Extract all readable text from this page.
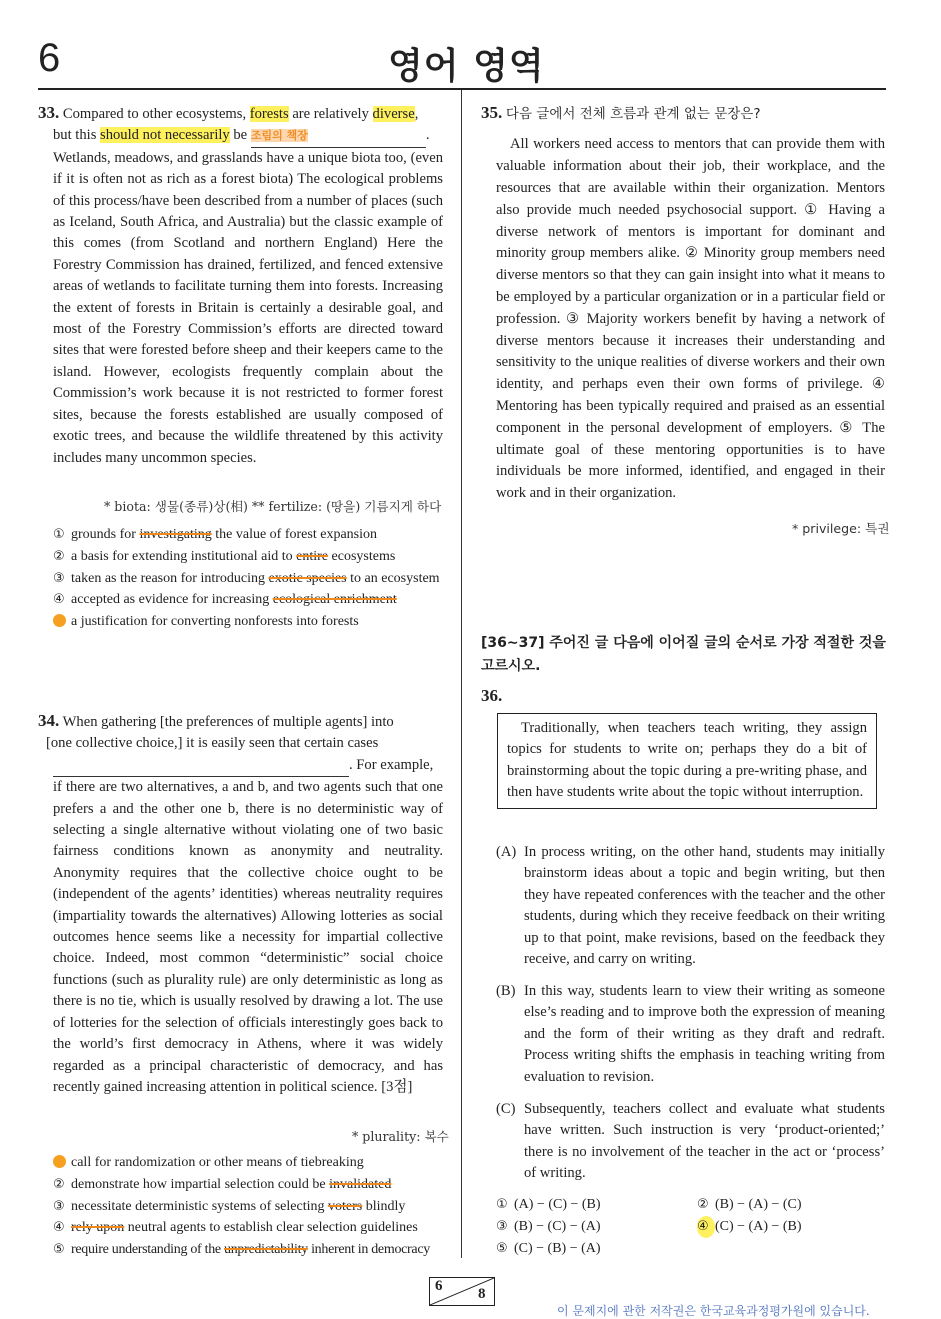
6	영어 영역
33. Compared to other ecosystems, forests are relatively diverse,
but this should not necessarily be 조림의 책장	.
Wetlands, meadows, and grasslands have a unique biota too, (even if it is often not as rich as a forest biota) The ecological problems of this process/have been described from a number of places (such as Iceland, South Africa, and Australia) but the classic example of this comes (from Scotland and northern England) Here the Forestry Commission has drained, fertilized, and fenced extensive areas of wetlands to facilitate turning them into forests. Increasing the extent of forests in Britain is certainly a desirable goal, and most of the Forestry Commission’s efforts are directed toward sites that were forested before sheep and their keepers came to the island. However, ecologists frequently complain about the Commission’s work because it is not restricted to former forest sites, because the forests established are usually composed of exotic trees, and because the wildlife threatened by this activity includes many uncommon species.
* biota: 생물(종류)상(相) ** fertilize: (땅을) 기름지게 하다
① grounds for investigating the value of forest expansion
② a basis for extending institutional aid to entire ecosystems
③ taken as the reason for introducing exotic species to an ecosystem
④ accepted as evidence for increasing ecological enrichment
a justification for converting nonforests into forests
34. When gathering [the preferences of multiple agents] into
[one collective choice,] it is easily seen that certain cases
. For example,
if there are two alternatives, a and b, and two agents such that one prefers a and the other one b, there is no deterministic way of selecting a single alternative without violating one of two basic fairness conditions known as anonymity and neutrality. Anonymity requires that the collective choice ought to be (independent of the agents’ identities) whereas neutrality requires (impartiality towards the alternatives) Allowing lotteries as social outcomes hence seems like a necessity for impartial collective choice. Indeed, most common “deterministic” social choice functions (such as plurality rule) are only deterministic as long as there is no tie, which is usually resolved by drawing a lot. The use of lotteries for the selection of officials interestingly goes back to the world’s first democracy in Athens, where it was widely regarded as a principal characteristic of democracy, and has recently gained increasing attention in political science. [3점]
* plurality: 복수
call for randomization or other means of tiebreaking
② demonstrate how impartial selection could be invalidated
③ necessitate deterministic systems of selecting voters blindly
④ rely upon neutral agents to establish clear selection guidelines
⑤ require understanding of the unpredictability inherent in democracy
35. 다음 글에서 전체 흐름과 관계 없는 문장은?
All workers need access to mentors that can provide them with valuable information about their job, their workplace, and the resources that are available within their organization. Mentors also provide much needed psychosocial support. ① Having a diverse network of mentors is important for dominant and minority group members alike. ② Minority group members need diverse mentors so that they can gain insight into what it means to be employed by a particular organization or in a particular field or profession. ③ Majority workers benefit by having a network of diverse mentors because it increases their understanding and sensitivity to the unique realities of diverse workers and their own identity, and perhaps even their own forms of privilege. ④ Mentoring has been typically required and praised as an essential component in the personal development of employers. ⑤ The ultimate goal of these mentoring opportunities is to have individuals be more informed, identified, and engaged in their work and in their organization.
* privilege: 특권
[36∼37] 주어진 글 다음에 이어질 글의 순서로 가장 적절한 것을 고르시오.
36.
Traditionally, when teachers teach writing, they assign topics for students to write on; perhaps they do a bit of brainstorming about the topic during a pre-writing phase, and then have students write about the topic without interruption.
(A) In process writing, on the other hand, students may initially brainstorm ideas about a topic and begin writing, but then they have repeated conferences with the teacher and the other students, during which they receive feedback on their writing up to that point, make revisions, based on the feedback they receive, and carry on writing.
(B) In this way, students learn to view their writing as someone else’s reading and to improve both the expression of meaning and the form of their writing as they draft and redraft. Process writing shifts the emphasis in teaching writing from evaluation to revision.
(C) Subsequently, teachers collect and evaluate what students have written. Such instruction is very ‘product-oriented;’ there is no involvement of the teacher in the act or ‘process’ of writing.
① (A) − (C) − (B)	② (B) − (A) − (C)
③ (B) − (C) − (A)	④ (C) − (A) − (B)
⑤ (C) − (B) − (A)
6 8
이 문제지에 관한 저작권은 한국교육과정평가원에 있습니다.
